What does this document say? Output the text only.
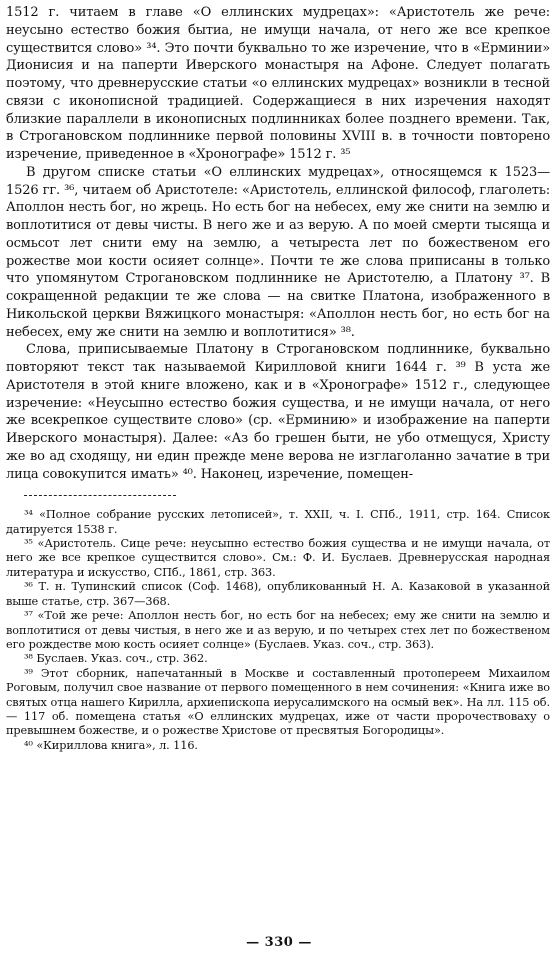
1512 г. читаем в главе «О еллинских мудрецах»: «Аристотель же рече: неусыно естество божия бытиа, не имущи начала, от него же все крепкое существится слово» ³⁴. Это почти буквально то же изречение, что в «Ерминии» Дионисия и на паперти Иверского монастыря на Афоне. Следует полагать поэтому, что древнерусские статьи «о еллинских мудрецах» возникли в тесной связи с иконописной традицией. Содержащиеся в них изречения находят близкие параллели в иконописных подлинниках более позднего времени. Так, в Строгановском подлиннике первой половины XVIII в. в точности повторено изречение, приведенное в «Хронографе» 1512 г. ³⁵

В другом списке статьи «О еллинских мудрецах», относящемся к 1523—1526 гг. ³⁶, читаем об Аристотеле: «Аристотель, еллинской философ, глаголеть: Аполлон несть бог, но жрець. Но есть бог на небесех, ему же снити на землю и воплотитися от девы чисты. В него же и аз верую. А по моей смерти тысяща и осмьсот лет снити ему на землю, а четыреста лет по божественом его рожестве мои кости осияет солнце». Почти те же слова приписаны в только что упомянутом Строгановском подлиннике не Аристотелю, а Платону ³⁷. В сокращенной редакции те же слова — на свитке Платона, изображенного в Никольской церкви Вяжицкого монастыря: «Аполлон несть бог, но есть бог на небесех, ему же снити на землю и воплотитися» ³⁸.

Слова, приписываемые Платону в Строгановском подлиннике, буквально повторяют текст так называемой Кирилловой книги 1644 г. ³⁹ В уста же Аристотеля в этой книге вложено, как и в «Хронографе» 1512 г., следующее изречение: «Неусыпно естество божия существа, и не имущи начала, от него же всекрепкое существите слово» (ср. «Ерминию» и изображение на паперти Иверского монастыря). Далее: «Аз бо грешен быти, не убо отмещуся, Христу же во ад сходящу, ни един прежде мене верова не изглаголанно зачатие в три лица совокупится имать» ⁴⁰. Наконец, изречение, помещен-

³⁴ «Полное собрание русских летописей», т. XXII, ч. I. СПб., 1911, стр. 164. Список датируется 1538 г.

³⁵ «Аристотель. Сице рече: неусыпно естество божия существа и не имущи начала, от него же все крепкое существится слово». См.: Ф. И. Буслаев. Древнерусская народная литература и искусство, СПб., 1861, стр. 363.

³⁶ Т. н. Тупинский список (Соф. 1468), опубликованный Н. А. Казаковой в указанной выше статье, стр. 367—368.

³⁷ «Той же рече: Аполлон несть бог, но есть бог на небесех; ему же снити на землю и воплотитися от девы чистыя, в него же и аз верую, и по четырех стех лет по божественом его рождестве мою кость осияет солнце» (Буслаев. Указ. соч., стр. 363).

³⁸ Буслаев. Указ. соч., стр. 362.

³⁹ Этот сборник, напечатанный в Москве и составленный протопереем Михаилом Роговым, получил свое название от первого помещенного в нем сочинения: «Книга иже во святых отца нашего Кирилла, архиепископа иерусалимского на осмый век». На лл. 115 об. — 117 об. помещена статья «О еллинских мудрецах, иже от части пророчествоваху о превышнем божестве, и о рожестве Христове от пресвятыя Богородицы».

⁴⁰ «Кириллова книга», л. 116.

— 330 —
